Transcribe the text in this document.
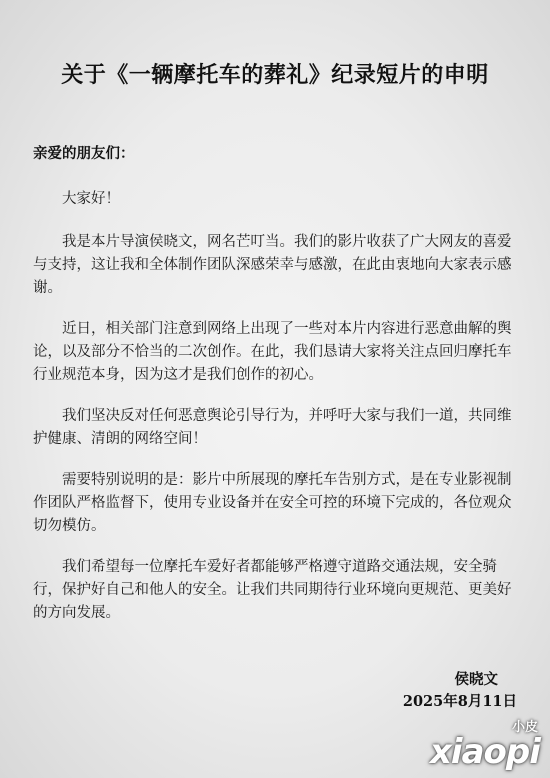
关于《一辆摩托车的葬礼》纪录短片的申明
亲爱的朋友们：

大家好！

我是本片导演侯晓文，网名芒叮当。我们的影片收获了广大网友的喜爱与支持，这让我和全体制作团队深感荣幸与感激，在此由衷地向大家表示感谢。

近日，相关部门注意到网络上出现了一些对本片内容进行恶意曲解的舆论，以及部分不恰当的二次创作。在此，我们恳请大家将关注点回归摩托车行业规范本身，因为这才是我们创作的初心。

我们坚决反对任何恶意舆论引导行为，并呼吁大家与我们一道，共同维护健康、清朗的网络空间！

需要特别说明的是：影片中所展现的摩托车告别方式，是在专业影视制作团队严格监督下，使用专业设备并在安全可控的环境下完成的，各位观众切勿模仿。

我们希望每一位摩托车爱好者都能够严格遵守道路交通法规，安全骑行，保护好自己和他人的安全。让我们共同期待行业环境向更规范、更美好的方向发展。

侯晓文
2025年8月11日
小皮
xiaopi
